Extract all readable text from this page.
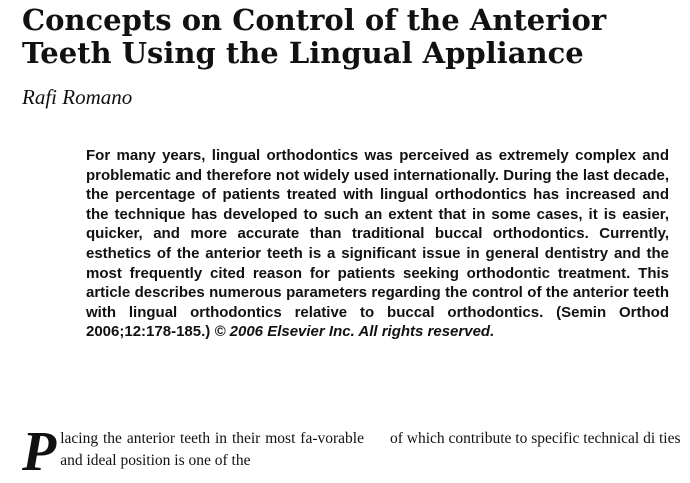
Concepts on Control of the Anterior Teeth Using the Lingual Appliance
Rafi Romano

For many years, lingual orthodontics was perceived as extremely complex and problematic and therefore not widely used internationally. During the last decade, the percentage of patients treated with lingual orthodontics has increased and the technique has developed to such an extent that in some cases, it is easier, quicker, and more accurate than traditional buccal orthodontics. Currently, esthetics of the anterior teeth is a significant issue in general dentistry and the most frequently cited reason for patients seeking orthodontic treatment. This article describes numerous parameters regarding the control of the anterior teeth with lingual orthodontics relative to buccal orthodontics. (Semin Orthod 2006;12:178-185.) © 2006 Elsevier Inc. All rights reserved.

P lacing the anterior teeth in their most fa-vorable and ideal position is one of the
of which contribute to specific technical di ties
